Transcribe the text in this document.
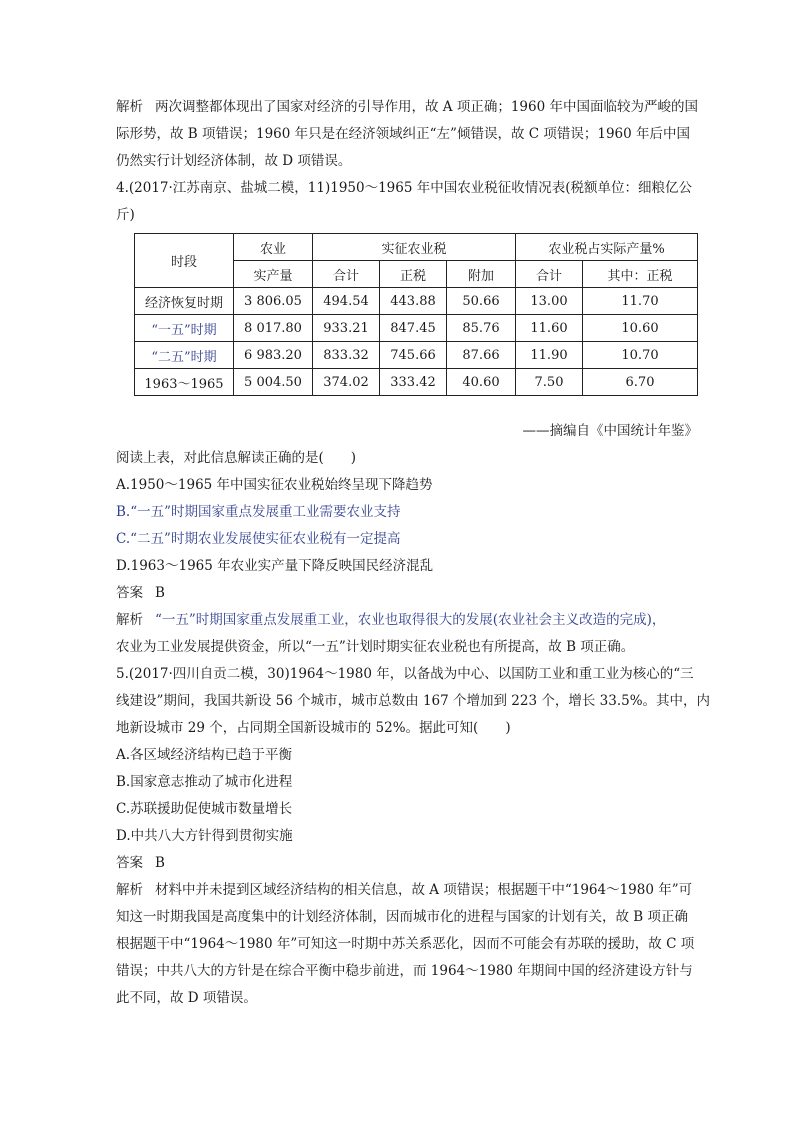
解析 两次调整都体现出了国家对经济的引导作用，故 A 项正确；1960 年中国面临较为严峻的国
际形势，故 B 项错误；1960 年只是在经济领域纠正“左”倾错误，故 C 项错误；1960 年后中国
仍然实行计划经济体制，故 D 项错误。
4.(2017·江苏南京、盐城二模，11)1950～1965 年中国农业税征收情况表(税额单位：细粮亿公
斤)
时段	农业	实征农业税			农业税占实际产量%	
	实产量	合计	正税	附加	合计	其中：正税
经济恢复时期	3 806.05	494.54	443.88	50.66	13.00	11.70
“一五”时期	8 017.80	933.21	847.45	85.76	11.60	10.60
“二五”时期	6 983.20	833.32	745.66	87.66	11.90	10.70
1963～1965	5 004.50	374.02	333.42	40.60	7.50	6.70
——摘编自《中国统计年鉴》
阅读上表，对此信息解读正确的是(　　)
A.1950～1965 年中国实征农业税始终呈现下降趋势
B.“一五”时期国家重点发展重工业需要农业支持
C.“二五”时期农业发展使实征农业税有一定提高
D.1963～1965 年农业实产量下降反映国民经济混乱
答案 B
解析 “一五”时期国家重点发展重工业，农业也取得很大的发展(农业社会主义改造的完成)，
农业为工业发展提供资金，所以“一五”计划时期实征农业税也有所提高，故 B 项正确。
5.(2017·四川自贡二模，30)1964～1980 年，以备战为中心、以国防工业和重工业为核心的“三
线建设”期间，我国共新设 56 个城市，城市总数由 167 个增加到 223 个，增长 33.5%。其中，内
地新设城市 29 个，占同期全国新设城市的 52%。据此可知(　　)
A.各区域经济结构已趋于平衡
B.国家意志推动了城市化进程
C.苏联援助促使城市数量增长
D.中共八大方针得到贯彻实施
答案 B
解析 材料中并未提到区域经济结构的相关信息，故 A 项错误；根据题干中“1964～1980 年”可
知这一时期我国是高度集中的计划经济体制，因而城市化的进程与国家的计划有关，故 B 项正确
根据题干中“1964～1980 年”可知这一时期中苏关系恶化，因而不可能会有苏联的援助，故 C 项
错误；中共八大的方针是在综合平衡中稳步前进，而 1964～1980 年期间中国的经济建设方针与
此不同，故 D 项错误。
